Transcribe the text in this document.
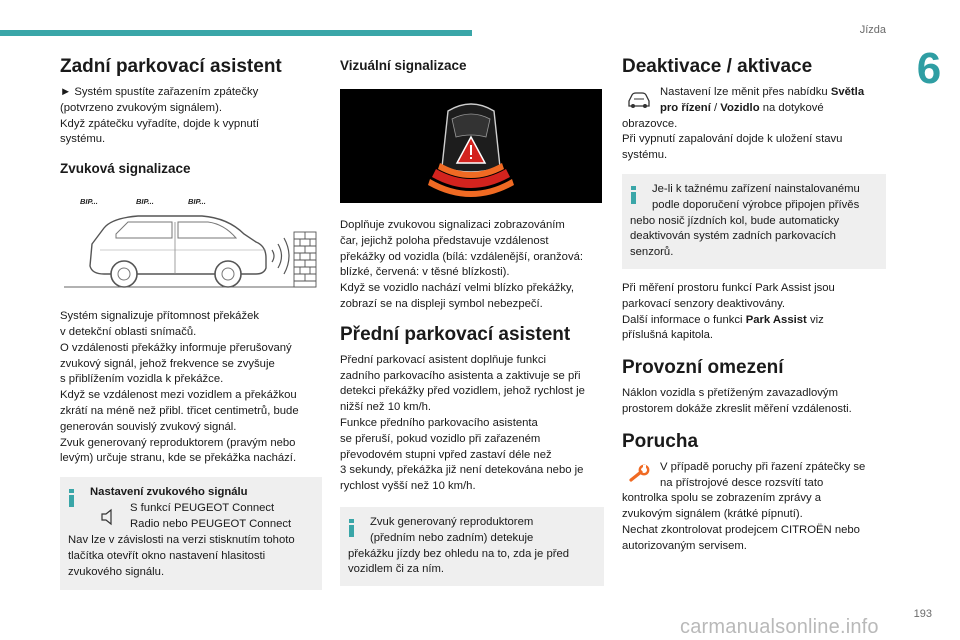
Jízda
6
Zadní parkovací asistent

► Systém spustíte zařazením zpátečky
(potvrzeno zvukovým signálem).
Když zpátečku vyřadíte, dojde k vypnutí
systému.

Zvuková signalizace
BIP...	BIP...	BIP...

Systém signalizuje přítomnost překážek
v detekční oblasti snímačů.
O vzdálenosti překážky informuje přerušovaný
zvukový signál, jehož frekvence se zvyšuje
s přiblížením vozidla k překážce.
Když se vzdálenost mezi vozidlem a překážkou
zkrátí na méně než přibl. třicet centimetrů, bude
generován souvislý zvukový signál.
Zvuk generovaný reproduktorem (pravým nebo
levým) určuje stranu, kde se překážka nachází.

Nastavení zvukového signálu

S funkcí PEUGEOT Connect
Radio nebo PEUGEOT Connect

Nav lze v závislosti na verzi stisknutím tohoto
tlačítka otevřít okno nastavení hlasitosti
zvukového signálu.

Vizuální signalizace

Doplňuje zvukovou signalizaci zobrazováním
čar, jejichž poloha představuje vzdálenost
překážky od vozidla (bílá: vzdálenější, oranžová:
blízké, červená: v těsné blízkosti).
Když se vozidlo nachází velmi blízko překážky,
zobrazí se na displeji symbol nebezpečí.

Přední parkovací asistent

Přední parkovací asistent doplňuje funkci
zadního parkovacího asistenta a zaktivuje se při
detekci překážky před vozidlem, jehož rychlost je
nižší než 10 km/h.
Funkce předního parkovacího asistenta
se přeruší, pokud vozidlo při zařazeném
převodovém stupni vpřed zastaví déle než
3 sekundy, překážka již není detekována nebo je
rychlost vyšší než 10 km/h.

Zvuk generovaný reproduktorem
(předním nebo zadním) detekuje
překážku jízdy bez ohledu na to, zda je před
vozidlem či za ním.

Deaktivace / aktivace

Nastavení lze měnit přes nabídku Světla
pro řízení / Vozidlo na dotykové

obrazovce.
Při vypnutí zapalování dojde k uložení stavu
systému.

Je-li k tažnému zařízení nainstalovanému
podle doporučení výrobce připojen přívěs
nebo nosič jízdních kol, bude automaticky
deaktivován systém zadních parkovacích
senzorů.

Při měření prostoru funkcí Park Assist jsou
parkovací senzory deaktivovány.
Další informace o funkci Park Assist viz
příslušná kapitola.

Provozní omezení

Náklon vozidla s přetíženým zavazadlovým
prostorem dokáže zkreslit měření vzdálenosti.

Porucha

V případě poruchy při řazení zpátečky se
na přístrojové desce rozsvítí tato

kontrolka spolu se zobrazením zprávy a
zvukovým signálem (krátké pípnutí).
Nechat zkontrolovat prodejcem CITROËN nebo
autorizovaným servisem.

193
carmanualsonline.info
